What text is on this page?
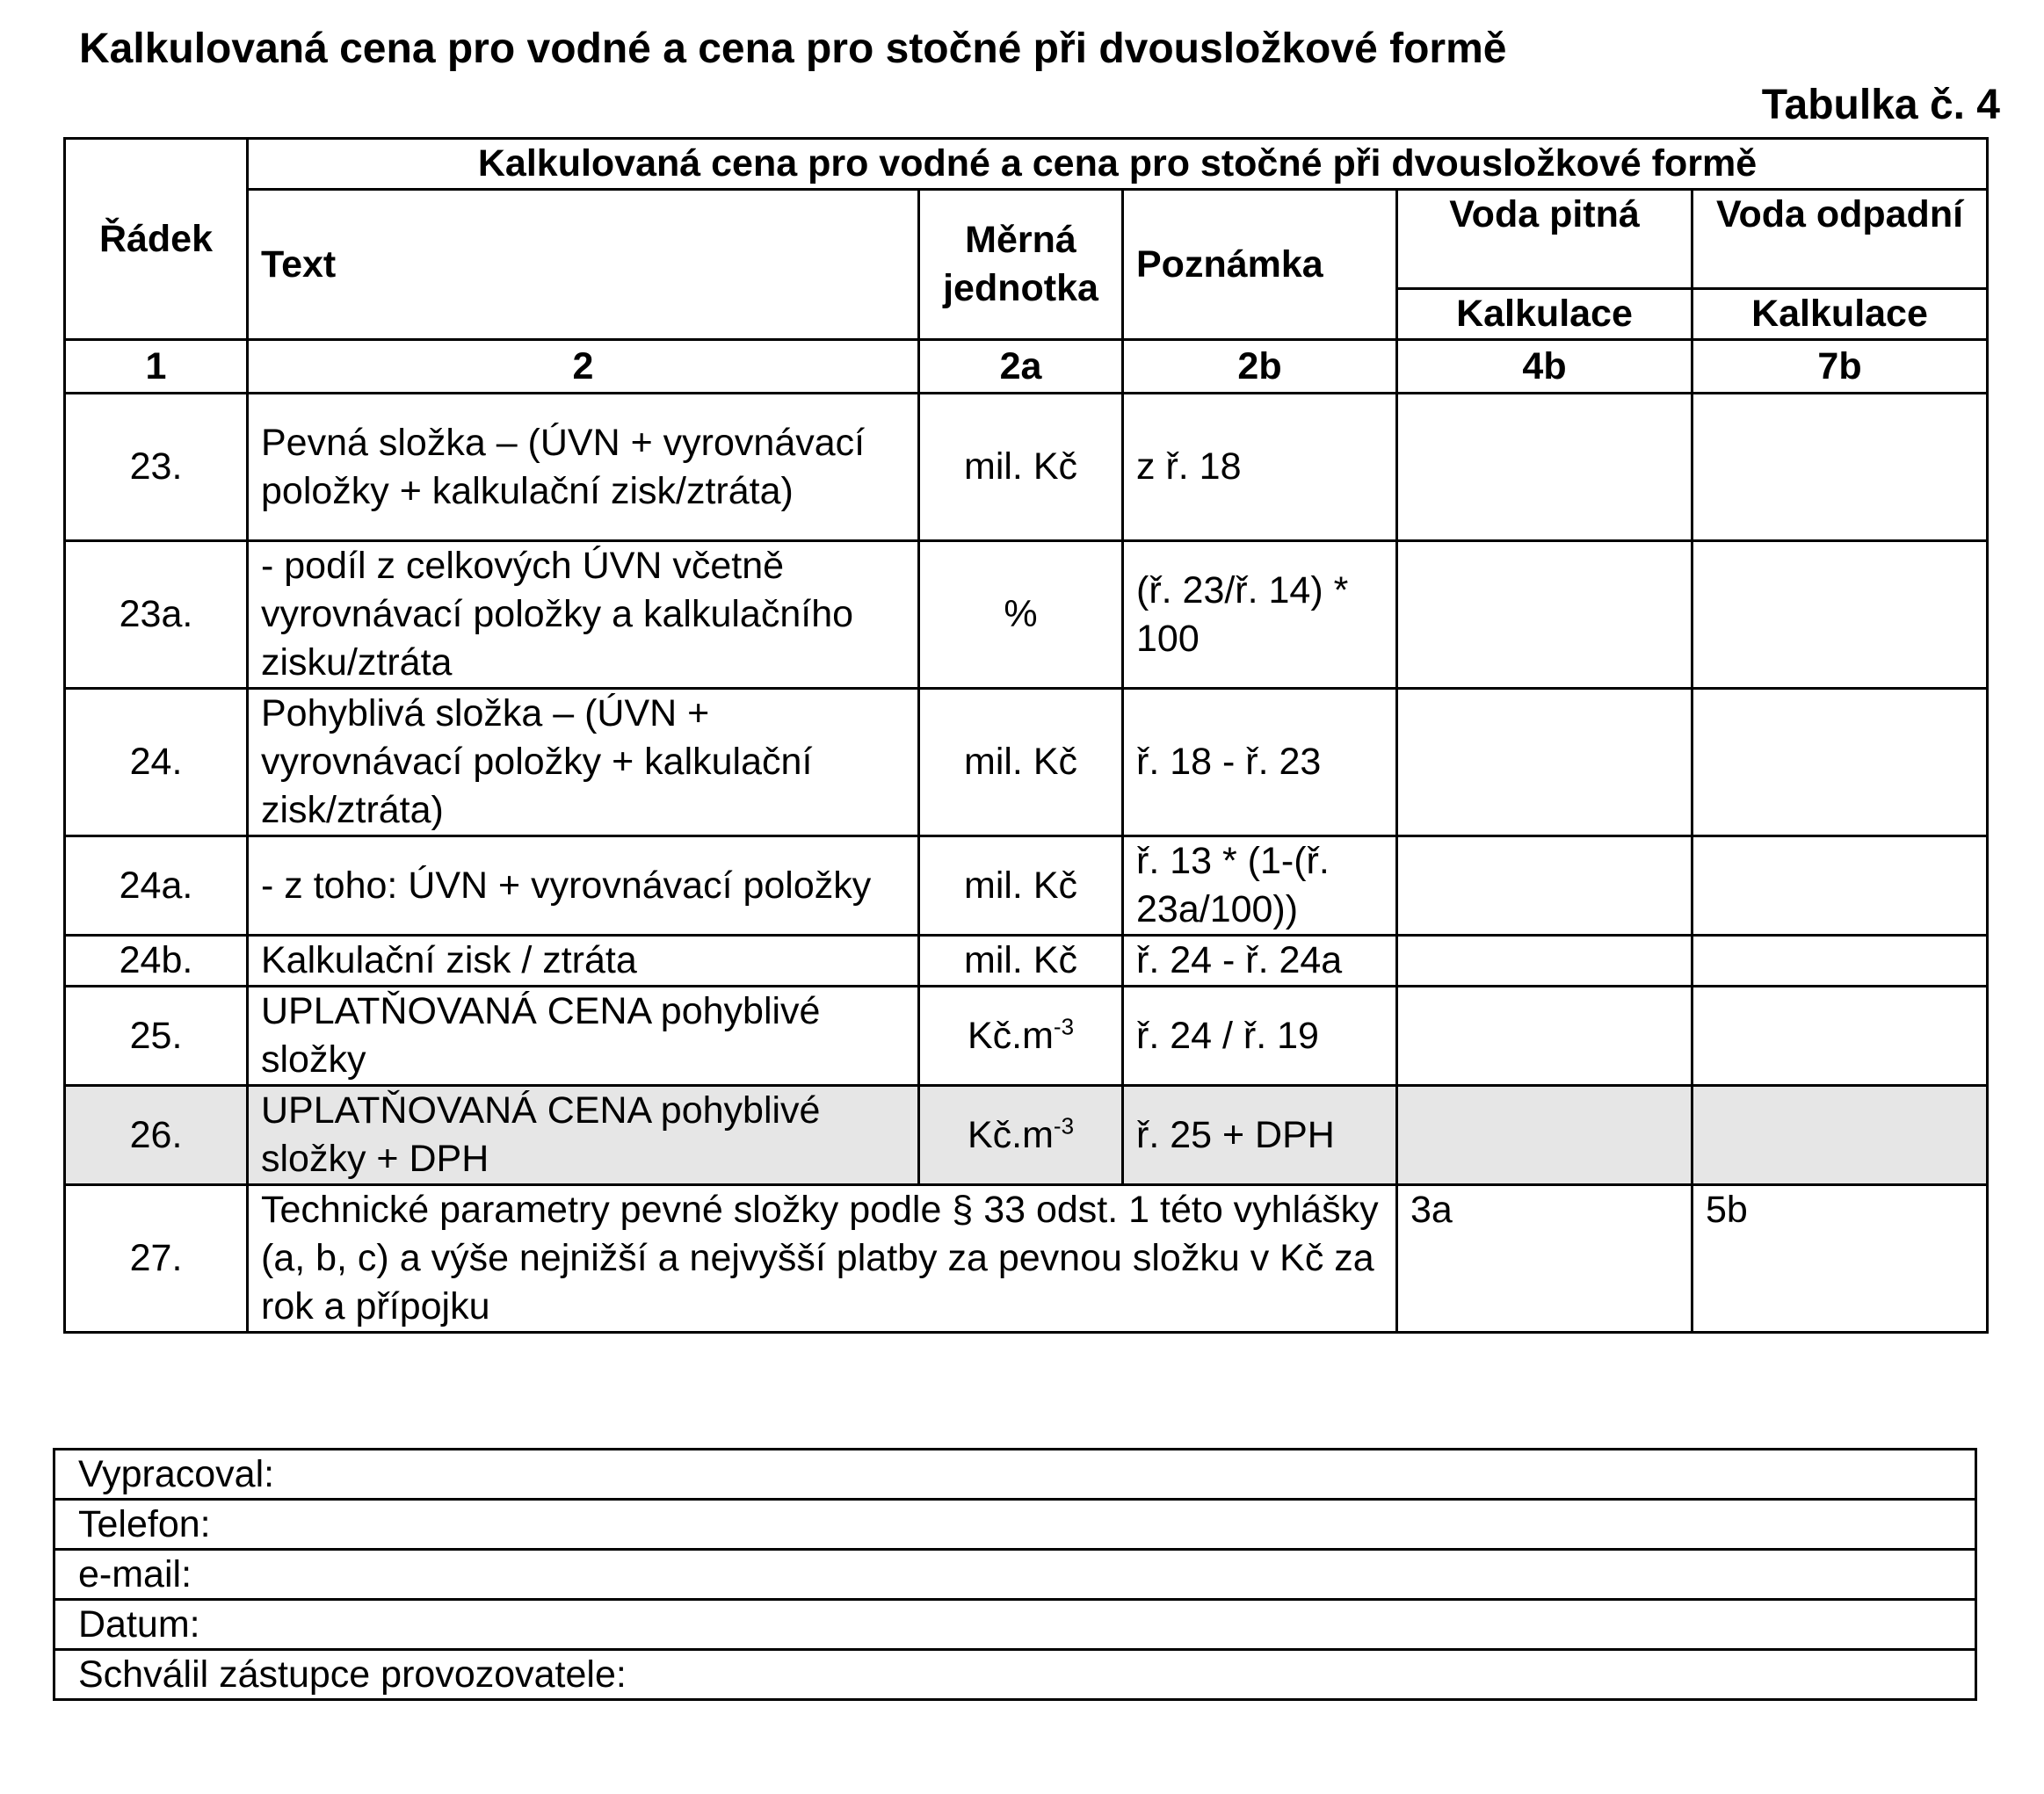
Kalkulovaná cena pro vodné a cena pro stočné při dvousložkové formě
Tabulka č. 4
Řádek	Kalkulovaná cena pro vodné a cena pro stočné při dvousložkové formě				
	Text	Měrná jednotka	Poznámka	Voda pitná	Voda odpadní
				Kalkulace	Kalkulace
1	2	2a	2b	4b	7b
23.	Pevná složka – (ÚVN + vyrovnávací položky + kalkulační zisk/ztráta)	mil. Kč	z ř. 18		
23a.	- podíl z celkových ÚVN včetně vyrovnávací položky a kalkulačního zisku/ztráta	%	(ř. 23/ř. 14) * 100		
24.	Pohyblivá složka – (ÚVN + vyrovnávací položky + kalkulační zisk/ztráta)	mil. Kč	ř. 18 - ř. 23		
24a.	- z toho: ÚVN + vyrovnávací položky	mil. Kč	ř. 13 * (1-(ř. 23a/100))		
24b.	Kalkulační zisk / ztráta	mil. Kč	ř. 24 - ř. 24a		
25.	UPLATŇOVANÁ CENA pohyblivé složky	$Kč.m^{-3}$	ř. 24 / ř. 19		
26.	UPLATŇOVANÁ CENA pohyblivé složky + DPH	$Kč.m^{-3}$	ř. 25 + DPH		
27.	Technické parametry pevné složky podle § 33 odst. 1 této vyhlášky (a, b, c) a výše nejnižší a nejvyšší platby za pevnou složku v Kč za rok a přípojku			3a	5b
Vypracoval:
Telefon:
e-mail:
Datum:
Schválil zástupce provozovatele:
